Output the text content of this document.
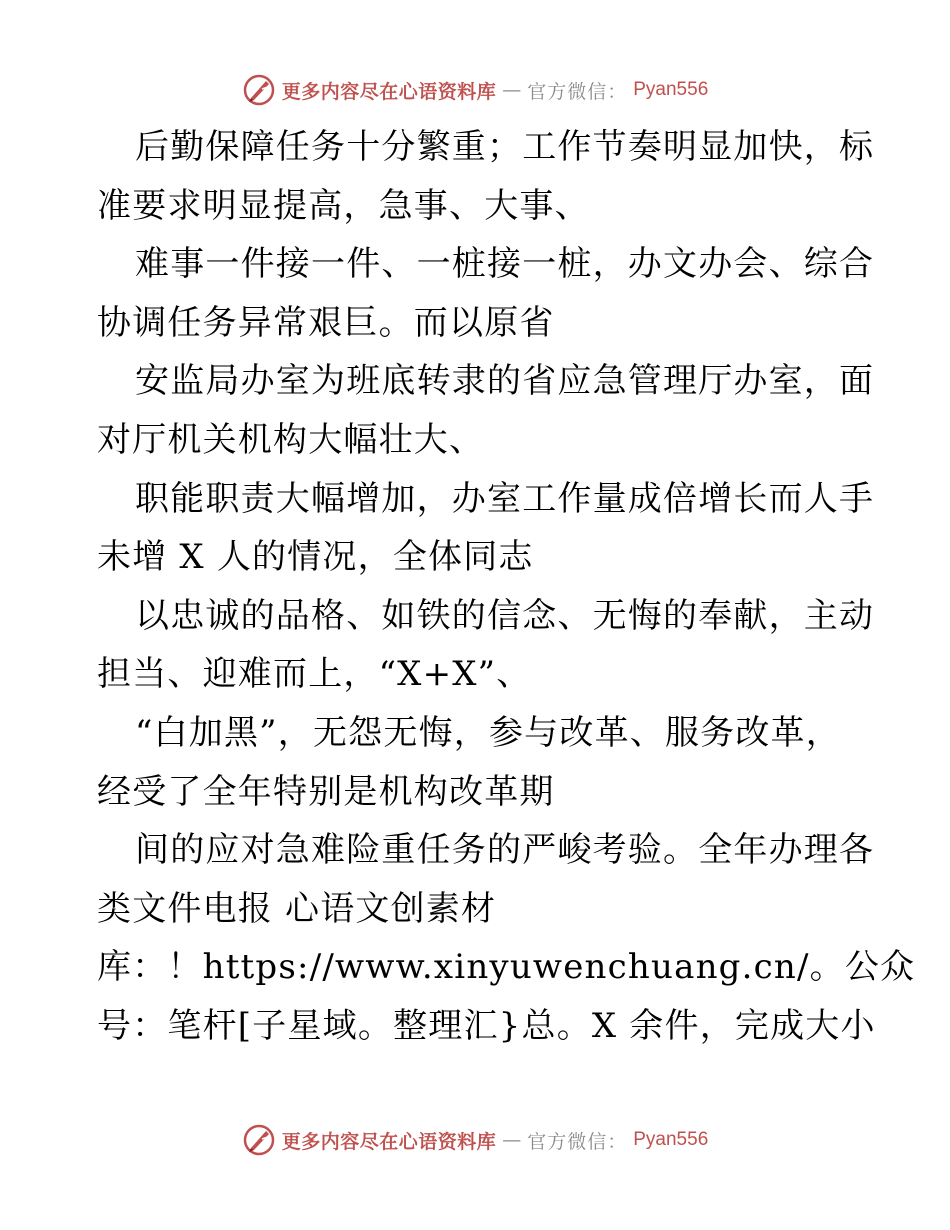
更多内容尽在心语资料库 — 官方微信： Pyan556
后勤保障任务十分繁重；工作节奏明显加快，标
准要求明显提高，急事、大事、
难事一件接一件、一桩接一桩，办文办会、综合
协调任务异常艰巨。而以原省
安监局办室为班底转隶的省应急管理厅办室，面
对厅机关机构大幅壮大、
职能职责大幅增加，办室工作量成倍增长而人手
未增 X 人的情况，全体同志
以忠诚的品格、如铁的信念、无悔的奉献，主动
担当、迎难而上，“X+X”、
“白加黑”，无怨无悔，参与改革、服务改革，
经受了全年特别是机构改革期
间的应对急难险重任务的严峻考验。全年办理各
类文件电报 心语文创素材
库：！https://www.xinyuwenchuang.cn/。公众
号：笔杆[子星域。整理汇}总。X 余件，完成大小
更多内容尽在心语资料库 — 官方微信： Pyan556
